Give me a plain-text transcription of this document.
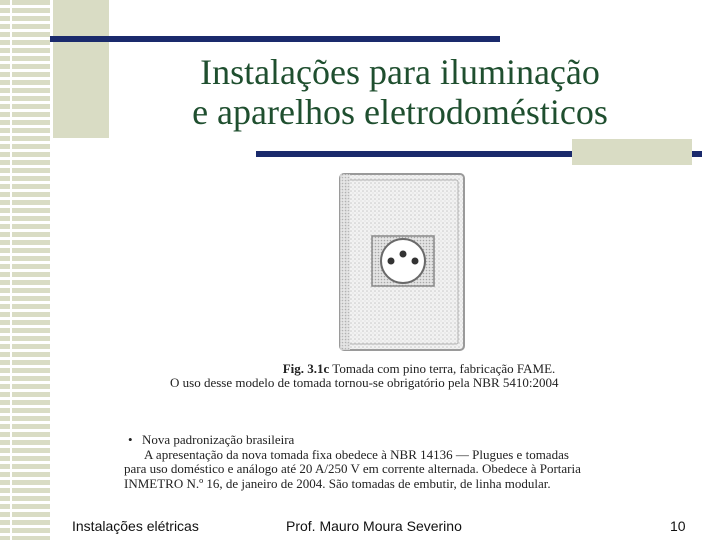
Instalações para iluminação
e aparelhos eletrodomésticos
Fig. 3.1c Tomada com pino terra, fabricação FAME.
O uso desse modelo de tomada tornou-se obrigatório pela NBR 5410:2004
• Nova padronização brasileira
A apresentação da nova tomada fixa obedece à NBR 14136 — Plugues e tomadas
para uso doméstico e análogo até 20 A/250 V em corrente alternada. Obedece à Portaria
INMETRO N.º 16, de janeiro de 2004. São tomadas de embutir, de linha modular.
Instalações elétricas	Prof. Mauro Moura Severino	10
